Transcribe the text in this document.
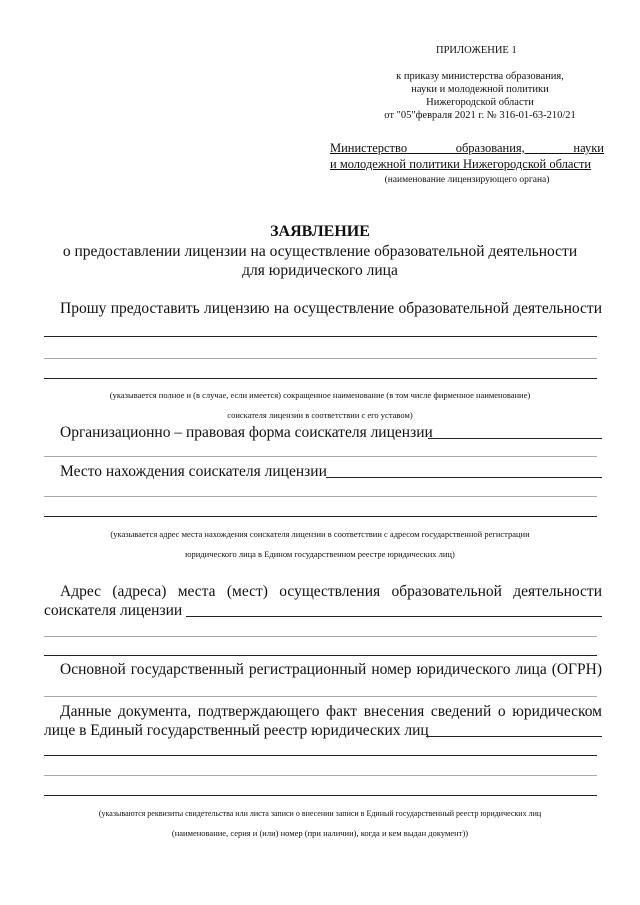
ПРИЛОЖЕНИЕ 1
к приказу министерства образования,
науки и молодежной политики
Нижегородской области
от "05"февраля 2021 г. № 316-01-63-210/21
Министерство образования, науки
и молодежной политики Нижегородской области
(наименование лицензирующего органа)
ЗАЯВЛЕНИЕ
о предоставлении лицензии на осуществление образовательной деятельности
для юридического лица
Прошу предоставить лицензию на осуществление образовательной деятельности
(указывается полное и (в случае, если имеется) сокращенное наименование (в том числе фирменное наименование)
соискателя лицензии в соответствии с его уставом)
Организационно – правовая форма соискателя лицензии
Место нахождения соискателя лицензии
(указывается адрес места нахождения соискателя лицензии в соответствии с адресом государственной регистрации
юридического лица в Едином государственном реестре юридических лиц)
Адрес (адреса) места (мест) осуществления образовательной деятельности
соискателя лицензии
Основной государственный регистрационный номер юридического лица (ОГРН)
Данные документа, подтверждающего факт внесения сведений о юридическом
лице в Единый государственный реестр юридических лиц
(указываются реквизиты свидетельства или листа записи о внесении записи в Единый государственный реестр юридических лиц
(наименование, серия и (или) номер (при наличии), когда и кем выдан документ))
